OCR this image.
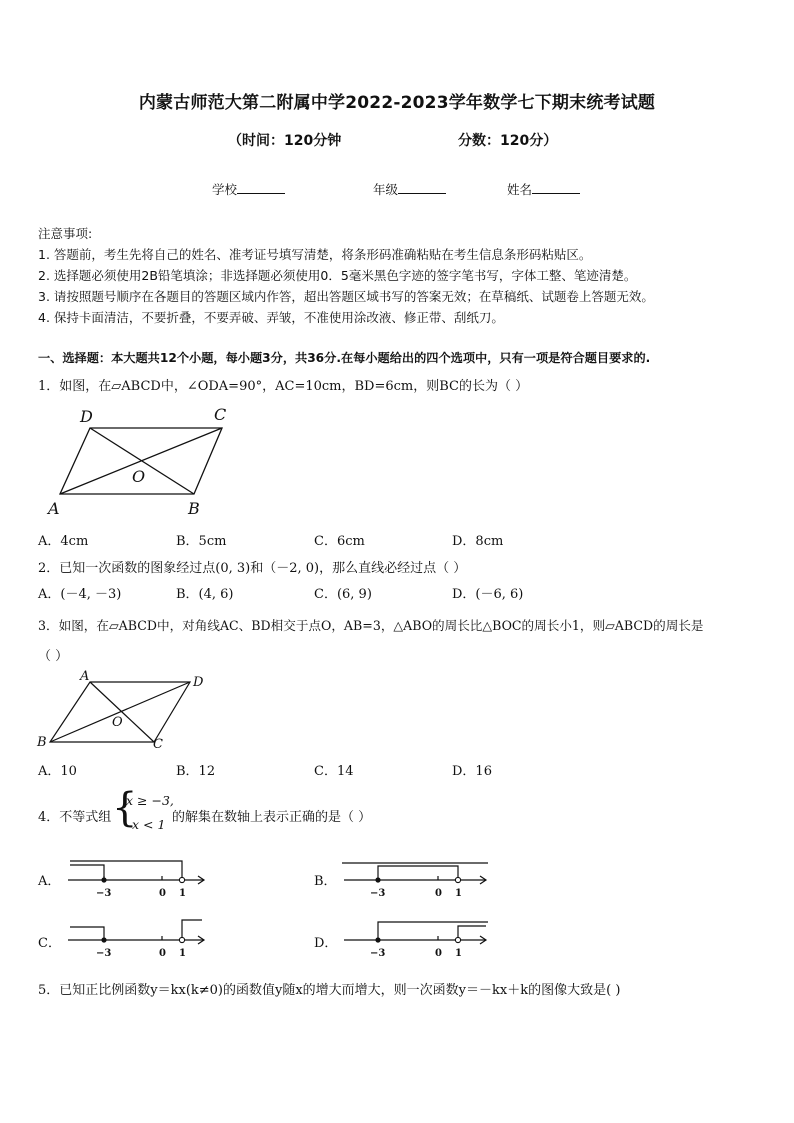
内蒙古师范大第二附属中学2022-2023学年数学七下期末统考试题
（时间：120分钟	分数：120分）
学校	年级	姓名
注意事项:
1. 答题前，考生先将自己的姓名、准考证号填写清楚，将条形码准确粘贴在考生信息条形码粘贴区。
2. 选择题必须使用2B铅笔填涂；非选择题必须使用0．5毫米黑色字迹的签字笔书写，字体工整、笔迹清楚。
3. 请按照题号顺序在各题目的答题区域内作答，超出答题区域书写的答案无效；在草稿纸、试题卷上答题无效。
4. 保持卡面清洁，不要折叠，不要弄破、弄皱，不准使用涂改液、修正带、刮纸刀。
一、选择题：本大题共12个小题，每小题3分，共36分.在每小题给出的四个选项中，只有一项是符合题目要求的.
1．如图，在▱ABCD中，∠ODA=90°，AC=10cm，BD=6cm，则BC的长为（ ）
D	C
O
A	B
A．4cm	B．5cm	C．6cm	D．8cm
2．已知一次函数的图象经过点(0, 3)和（－2, 0)，那么直线必经过点（ ）
A．(－4, －3)	B．(4, 6)	C．(6, 9)	D．(－6, 6)
3．如图，在▱ABCD中，对角线AC、BD相交于点O，AB=3，△ABO的周长比△BOC的周长小1，则▱ABCD的周长是
（ ）
A	D
O
B	C
A．10	B．12	C．14	D．16
4．不等式组 {
x ≥ −3,
x < 1 的解集在数轴上表示正确的是（ ）
A．
−3	0 1
B．
−3	0 1
C．
−3	0 1
D．
−3	0 1
5．已知正比例函数y＝kx(k≠0)的函数值y随x的增大而增大，则一次函数y＝－kx＋k的图像大致是( )
